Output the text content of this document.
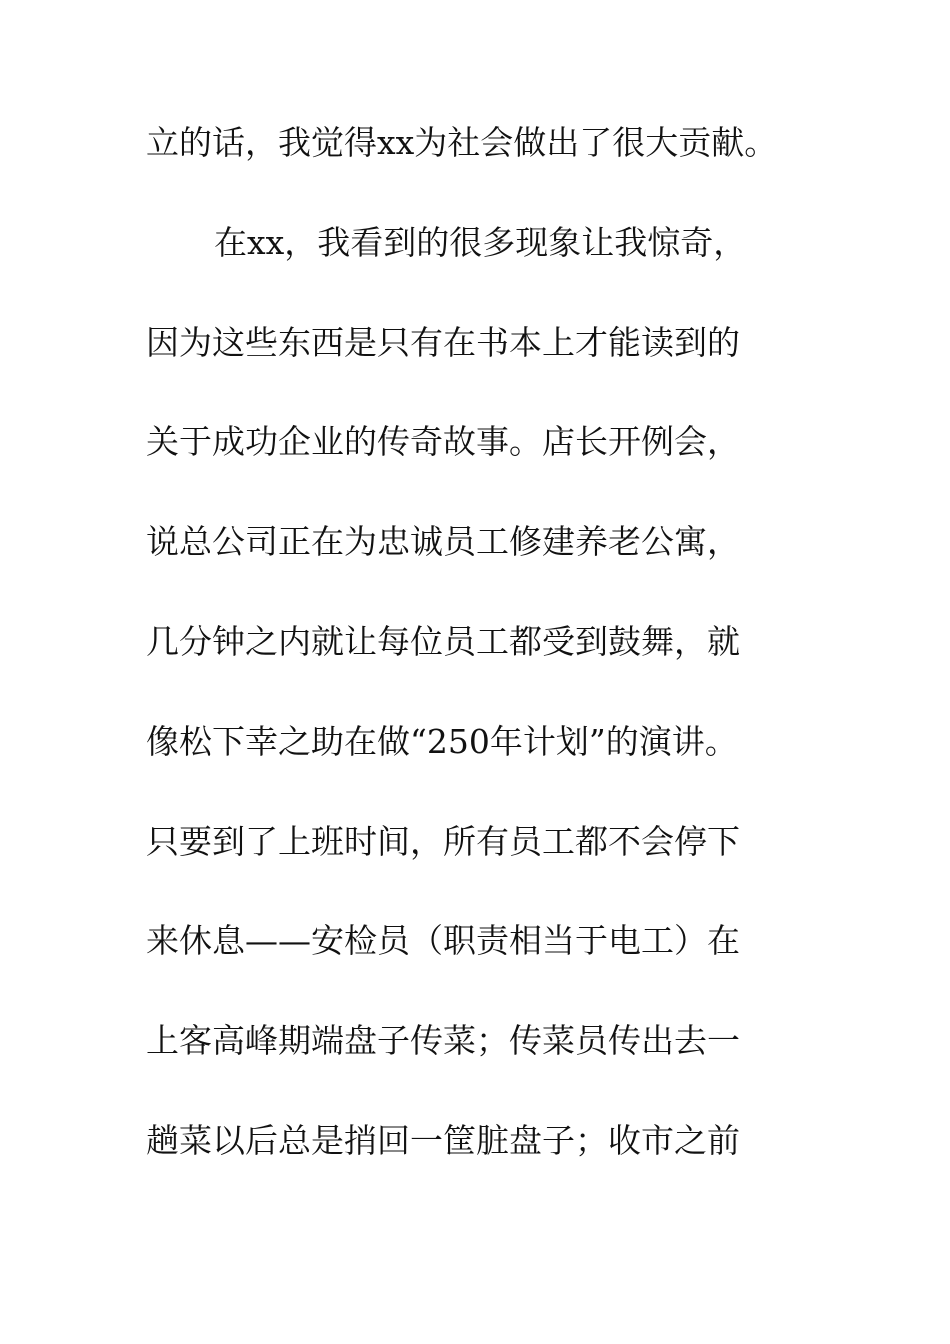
立的话，我觉得xx为社会做出了很大贡献。
在xx，我看到的很多现象让我惊奇，
因为这些东西是只有在书本上才能读到的
关于成功企业的传奇故事。店长开例会，
说总公司正在为忠诚员工修建养老公寓，
几分钟之内就让每位员工都受到鼓舞，就
像松下幸之助在做“250年计划”的演讲。
只要到了上班时间，所有员工都不会停下
来休息——安检员（职责相当于电工）在
上客高峰期端盘子传菜；传菜员传出去一
趟菜以后总是捎回一筐脏盘子；收市之前
